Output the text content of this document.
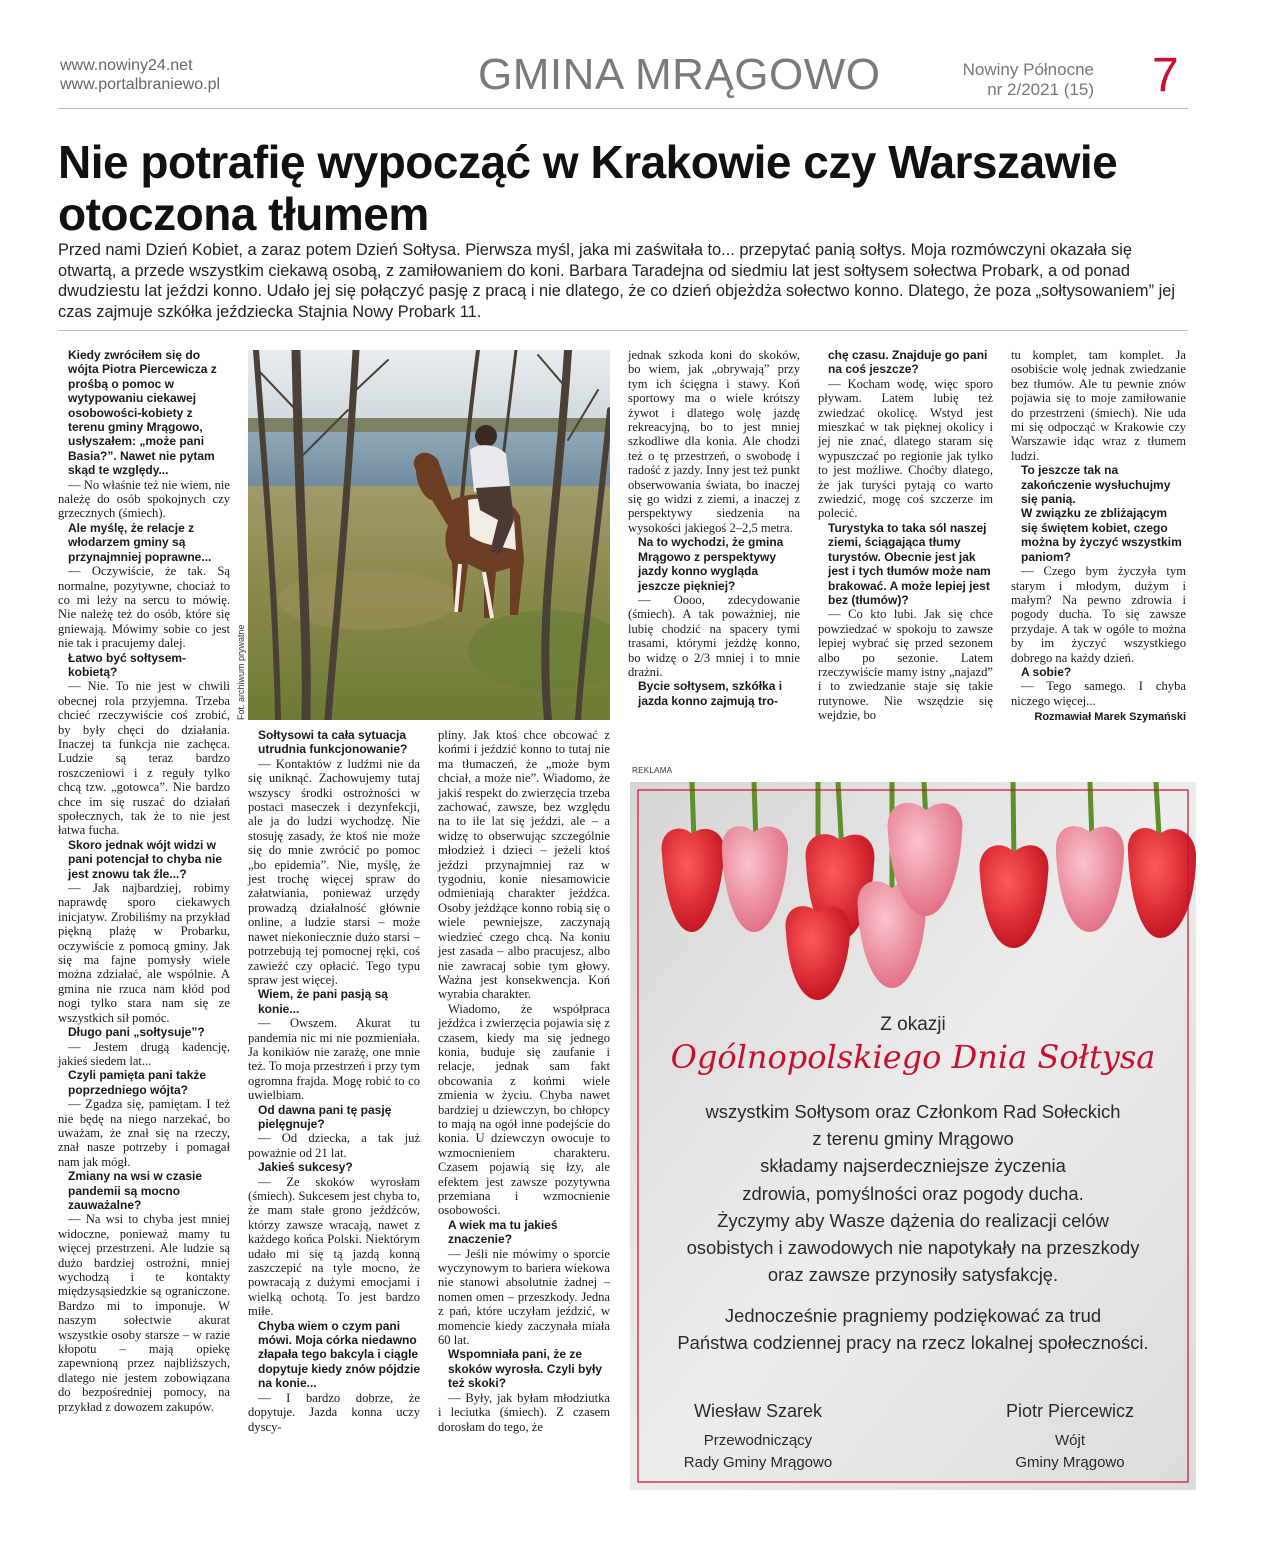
www.nowiny24.net
www.portalbraniewo.pl	GMINA MRĄGOWO	Nowiny Północne
nr 2/2021 (15) 7
Nie potrafię wypocząć w Krakowie czy Warszawie
otoczona tłumem
Przed nami Dzień Kobiet, a zaraz potem Dzień Sołtysa. Pierwsza myśl, jaka mi zaświtała to... przepytać panią sołtys. Moja rozmówczyni okazała się otwartą, a przede wszystkim ciekawą osobą, z zamiłowaniem do koni. Barbara Taradejna od siedmiu lat jest sołtysem sołectwa Probark, a od ponad dwudziestu lat jeździ konno. Udało jej się połączyć pasję z pracą i nie dlatego, że co dzień objeżdża sołectwo konno. Dlatego, że poza „sołtysowaniem” jej czas zajmuje szkółka jeździecka Stajnia Nowy Probark 11.

Kiedy zwróciłem się do wójta Piotra Piercewicza z prośbą o pomoc w wytypowaniu ciekawej osobowości-kobiety z terenu gminy Mrągowo, usłyszałem: „może pani Basia?”. Nawet nie pytam skąd te względy...

— No właśnie też nie wiem, nie należę do osób spokojnych czy grzecznych (śmiech).

Ale myślę, że relacje z włodarzem gminy są przynajmniej poprawne...

— Oczywiście, że tak. Są normalne, pozytywne, chociaż to co mi leży na sercu to mówię. Nie należę też do osób, które się gniewają. Mówimy sobie co jest nie tak i pracujemy dalej.

Łatwo być sołtysem-kobietą?

— Nie. To nie jest w chwili obecnej rola przyjemna. Trzeba chcieć rzeczywiście coś zrobić, by były chęci do działania. Inaczej ta funkcja nie zachęca. Ludzie są teraz bardzo roszczeniowi i z reguły tylko chcą tzw. „gotowca”. Nie bardzo chce im się ruszać do działań społecznych, tak że to nie jest łatwa fucha.

Skoro jednak wójt widzi w pani potencjał to chyba nie jest znowu tak źle...?

— Jak najbardziej, robimy naprawdę sporo ciekawych inicjatyw. Zrobiliśmy na przykład piękną plażę w Probarku, oczywiście z pomocą gminy. Jak się ma fajne pomysły wiele można zdziałać, ale wspólnie. A gmina nie rzuca nam kłód pod nogi tylko stara nam się ze wszystkich sił pomóc.

Długo pani „sołtysuje”?

— Jestem drugą kadencję, jakieś siedem lat...

Czyli pamięta pani także poprzedniego wójta?

— Zgadza się, pamiętam. I też nie będę na niego narzekać, bo uważam, że znał się na rzeczy, znał nasze potrzeby i pomagał nam jak mógł.

Zmiany na wsi w czasie pandemii są mocno zauważalne?

— Na wsi to chyba jest mniej widoczne, ponieważ mamy tu więcej przestrzeni. Ale ludzie są dużo bardziej ostrożni, mniej wychodzą i te kontakty międzysąsiedzkie są ograniczone. Bardzo mi to imponuje. W naszym sołectwie akurat wszystkie osoby starsze – w razie kłopotu – mają opiekę zapewnioną przez najbliższych, dlatego nie jestem zobowiązana do bezpośredniej pomocy, na przykład z dowozem zakupów.

Fot. archiwum prywatne

Sołtysowi ta cała sytuacja utrudnia funkcjonowanie?

— Kontaktów z ludźmi nie da się uniknąć. Zachowujemy tutaj wszyscy środki ostrożności w postaci maseczek i dezynfekcji, ale ja do ludzi wychodzę. Nie stosuję zasady, że ktoś nie może się do mnie zwrócić po pomoc „bo epidemia”. Nie, myślę, że jest trochę więcej spraw do załatwiania, ponieważ urzędy prowadzą działalność głównie online, a ludzie starsi – może nawet niekoniecznie dużo starsi – potrzebują tej pomocnej ręki, coś zawieźć czy opłacić. Tego typu spraw jest więcej.

Wiem, że pani pasją są konie...

— Owszem. Akurat tu pandemia nic mi nie pozmieniała. Ja konikiów nie zarażę, one mnie też. To moja przestrzeń i przy tym ogromna frajda. Mogę robić to co uwielbiam.

Od dawna pani tę pasję pielęgnuje?

— Od dziecka, a tak już poważnie od 21 lat.

Jakieś sukcesy?

— Ze skoków wyrosłam (śmiech). Sukcesem jest chyba to, że mam stałe grono jeźdźców, którzy zawsze wracają, nawet z każdego końca Polski. Niektórym udało mi się tą jazdą konną zaszczepić na tyle mocno, że powracają z dużymi emocjami i wielką ochotą. To jest bardzo miłe.

Chyba wiem o czym pani mówi. Moja córka niedawno złapała tego bakcyla i ciągle dopytuje kiedy znów pójdzie na konie...

— I bardzo dobrze, że dopytuje. Jazda konna uczy dyscy-

pliny. Jak ktoś chce obcować z końmi i jeździć konno to tutaj nie ma tłumaczeń, że „może bym chciał, a może nie”. Wiadomo, że jakiś respekt do zwierzęcia trzeba zachować, zawsze, bez względu na to ile lat się jeździ, ale – a widzę to obserwując szczególnie młodzież i dzieci – jeżeli ktoś jeździ przynajmniej raz w tygodniu, konie niesamowicie odmieniają charakter jeźdźca. Osoby jeżdżące konno robią się o wiele pewniejsze, zaczynają wiedzieć czego chcą. Na koniu jest zasada – albo pracujesz, albo nie zawracaj sobie tym głowy. Ważna jest konsekwencja. Koń wyrabia charakter.

Wiadomo, że współpraca jeźdźca i zwierzęcia pojawia się z czasem, kiedy ma się jednego konia, buduje się zaufanie i relacje, jednak sam fakt obcowania z końmi wiele zmienia w życiu. Chyba nawet bardziej u dziewczyn, bo chłopcy to mają na ogół inne podejście do konia. U dziewczyn owocuje to wzmocnieniem charakteru. Czasem pojawią się łzy, ale efektem jest zawsze pozytywna przemiana i wzmocnienie osobowości.

A wiek ma tu jakieś znaczenie?

— Jeśli nie mówimy o sporcie wyczynowym to bariera wiekowa nie stanowi absolutnie żadnej – nomen omen – przeszkody. Jedna z pań, które uczyłam jeździć, w momencie kiedy zaczynała miała 60 lat.

Wspomniała pani, że ze skoków wyrosła. Czyli były też skoki?

— Były, jak byłam młodziutka i leciutka (śmiech). Z czasem dorosłam do tego, że

jednak szkoda koni do skoków, bo wiem, jak „obrywają” przy tym ich ścięgna i stawy. Koń sportowy ma o wiele krótszy żywot i dlatego wolę jazdę rekreacyjną, bo to jest mniej szkodliwe dla konia. Ale chodzi też o tę przestrzeń, o swobodę i radość z jazdy. Inny jest też punkt obserwowania świata, bo inaczej się go widzi z ziemi, a inaczej z perspektywy siedzenia na wysokości jakiegoś 2–2,5 metra.

Na to wychodzi, że gmina Mrągowo z perspektywy jazdy konno wygląda jeszcze piękniej?

— Oooo, zdecydowanie (śmiech). A tak poważniej, nie lubię chodzić na spacery tymi trasami, którymi jeżdżę konno, bo widzę o 2/3 mniej i to mnie drażni.

Bycie sołtysem, szkółka i jazda konno zajmują tro-

chę czasu. Znajduje go pani na coś jeszcze?

— Kocham wodę, więc sporo pływam. Latem lubię też zwiedzać okolicę. Wstyd jest mieszkać w tak pięknej okolicy i jej nie znać, dlatego staram się wypuszczać po regionie jak tylko to jest możliwe. Choćby dlatego, że jak turyści pytają co warto zwiedzić, mogę coś szczerze im polecić.

Turystyka to taka sól naszej ziemi, ściągająca tłumy turystów. Obecnie jest jak jest i tych tłumów może nam brakować. A może lepiej jest bez (tłumów)?

— Co kto lubi. Jak się chce powziedzać w spokoju to zawsze lepiej wybrać się przed sezonem albo po sezonie. Latem rzeczywiście mamy istny „najazd” i to zwiedzanie staje się takie rutynowe. Nie wszędzie się wejdzie, bo

tu komplet, tam komplet. Ja osobiście wolę jednak zwiedzanie bez tłumów. Ale tu pewnie znów pojawia się to moje zamiłowanie do przestrzeni (śmiech). Nie uda mi się odpocząć w Krakowie czy Warszawie idąc wraz z tłumem ludzi.

To jeszcze tak na zakończenie wysłuchujmy się panią.

W związku ze zbliżającym się świętem kobiet, czego można by życzyć wszystkim paniom?

— Czego bym życzyła tym starym i młodym, dużym i małym? Na pewno zdrowia i pogody ducha. To się zawsze przydaje. A tak w ogóle to można by im życzyć wszystkiego dobrego na każdy dzień.

A sobie?

— Tego samego. I chyba niczego więcej...

Rozmawiał Marek Szymański

REKLAMA
Z okazji
Ogólnopolskiego Dnia Sołtysa
wszystkim Sołtysom oraz Członkom Rad Sołeckich
z terenu gminy Mrągowo
składamy najserdeczniejsze życzenia
zdrowia, pomyślności oraz pogody ducha.
Życzymy aby Wasze dążenia do realizacji celów
osobistych i zawodowych nie napotykały na przeszkody
oraz zawsze przynosiły satysfakcję.
Jednocześnie pragniemy podziękować za trud
Państwa codziennej pracy na rzecz lokalnej społeczności.
Wiesław Szarek
Przewodniczący
Rady Gminy Mrągowo
Piotr Piercewicz
Wójt
Gminy Mrągowo
